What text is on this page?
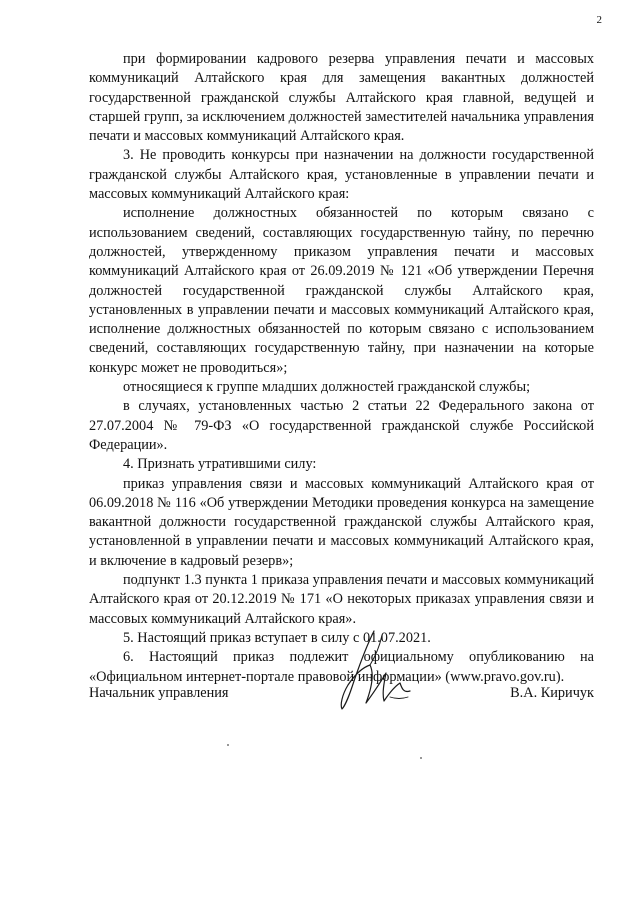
2

при формировании кадрового резерва управления печати и массовых коммуникаций Алтайского края для замещения вакантных должностей государственной гражданской службы Алтайского края главной, ведущей и старшей групп, за исключением должностей заместителей начальника управления печати и массовых коммуникаций Алтайского края.

3. Не проводить конкурсы при назначении на должности государственной гражданской службы Алтайского края, установленные в управлении печати и массовых коммуникаций Алтайского края:

исполнение должностных обязанностей по которым связано с использованием сведений, составляющих государственную тайну, по перечню должностей, утвержденному приказом управления печати и массовых коммуникаций Алтайского края от 26.09.2019 № 121 «Об утверждении Перечня должностей государственной гражданской службы Алтайского края, установленных в управлении печати и массовых коммуникаций Алтайского края, исполнение должностных обязанностей по которым связано с использованием сведений, составляющих государственную тайну, при назначении на которые конкурс может не проводиться»;

относящиеся к группе младших должностей гражданской службы;

в случаях, установленных частью 2 статьи 22 Федерального закона от 27.07.2004 № 79-ФЗ «О государственной гражданской службе Российской Федерации».

4. Признать утратившими силу:

приказ управления связи и массовых коммуникаций Алтайского края от 06.09.2018 № 116 «Об утверждении Методики проведения конкурса на замещение вакантной должности государственной гражданской службы Алтайского края, установленной в управлении печати и массовых коммуникаций Алтайского края, и включение в кадровый резерв»;

подпункт 1.3 пункта 1 приказа управления печати и массовых коммуникаций Алтайского края от 20.12.2019 № 171 «О некоторых приказах управления связи и массовых коммуникаций Алтайского края».

5. Настоящий приказ вступает в силу с 01.07.2021.

6. Настоящий приказ подлежит официальному опубликованию на «Официальном интернет-портале правовой информации» (www.pravo.gov.ru).

Начальник управления	В.А. Киричук
